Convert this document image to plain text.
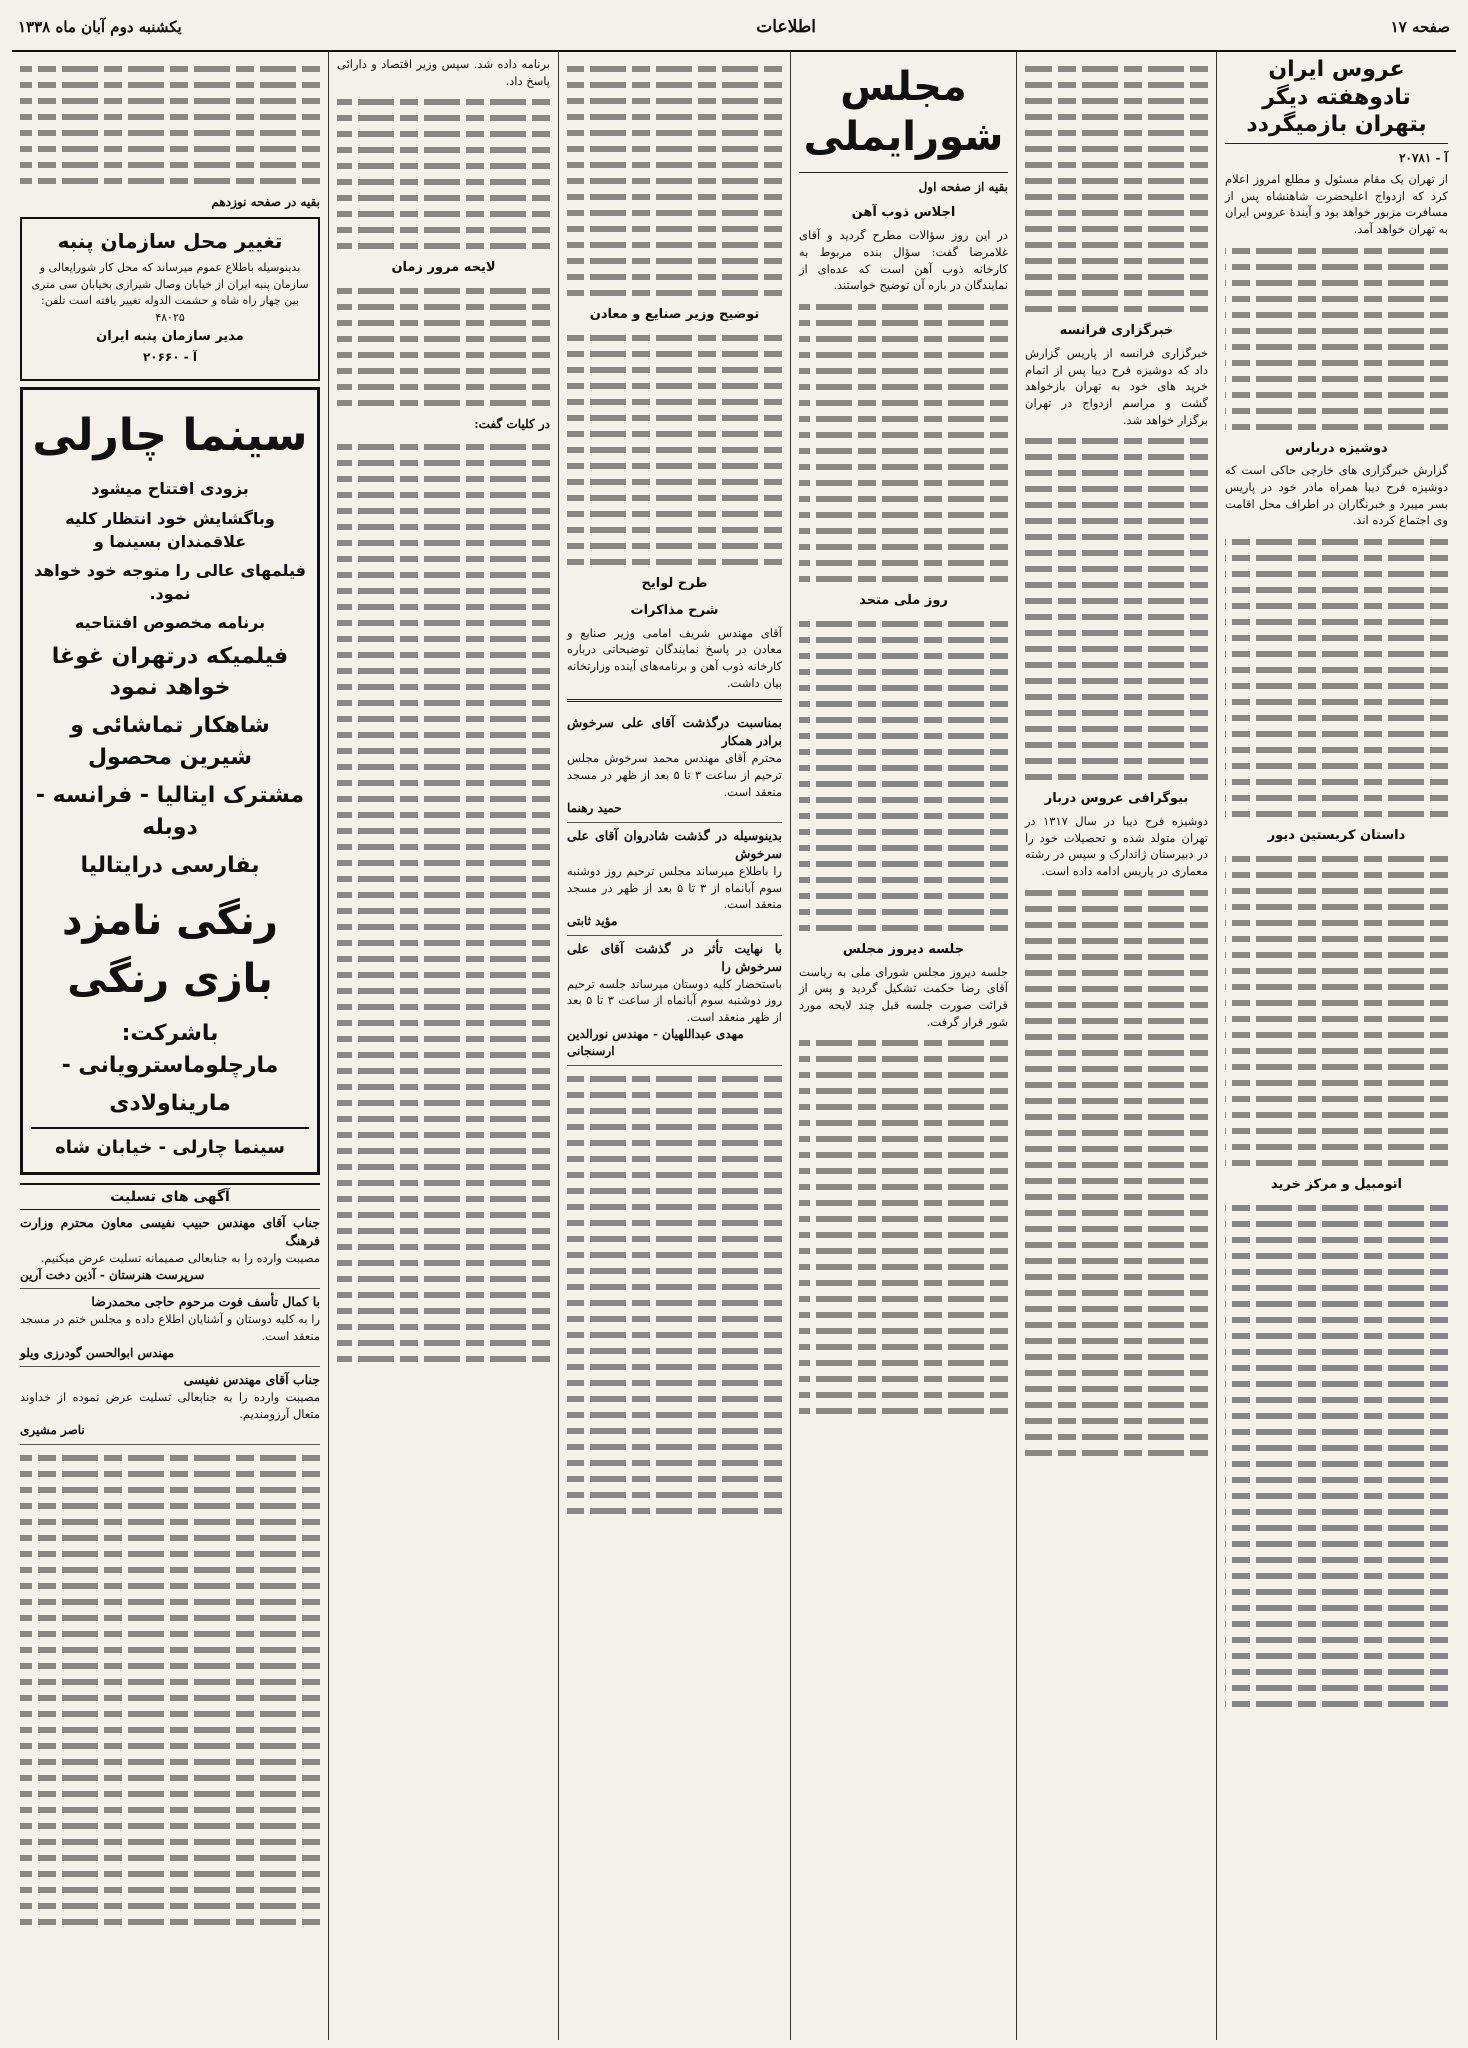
صفحه ۱۷
اطلاعات
یکشنبه دوم آبان ماه ۱۳۳۸
عروس ایران تادوهفته دیگر بتهران بازمیگردد
آ - ۲۰۷۸۱

از تهران یک مقام مسئول و مطلع امروز اعلام کرد که ازدواج اعلیحضرت شاهنشاه پس از مسافرت مزبور خواهد بود و آیندهٔ عروس ایران به تهران خواهد آمد.

دوشیزه دربارس

گزارش خبرگزاری های خارجی حاکی است که دوشیزه فرح دیبا همراه مادر خود در پاریس بسر میبرد و خبرنگاران در اطراف محل اقامت وی اجتماع کرده اند.

داستان کریستین دیور
اتومبیل و مرکز خرید
خبرگزاری فرانسه

خبرگزاری فرانسه از پاریس گزارش داد که دوشیزه فرح دیبا پس از اتمام خرید های خود به تهران بازخواهد گشت و مراسم ازدواج در تهران برگزار خواهد شد.

بیوگرافی عروس دربار

دوشیزه فرح دیبا در سال ۱۳۱۷ در تهران متولد شده و تحصیلات خود را در دبیرستان ژاندارک و سپس در رشته معماری در پاریس ادامه داده است.

مجلس شورایملی
بقیه از صفحه اول
اجلاس ذوب آهن

در این روز سؤالات مطرح گردید و آقای غلامرضا گفت: سؤال بنده مربوط به کارخانه ذوب آهن است که عده‌ای از نمایندگان در باره آن توضیح خواستند.

روز ملی متحد
جلسه دیروز مجلس

جلسه دیروز مجلس شورای ملی به ریاست آقای رضا حکمت تشکیل گردید و پس از قرائت صورت جلسه قبل چند لایحه مورد شور قرار گرفت.

توضیح وزیر صنایع و معادن
طرح لوایح
شرح مذاکرات

آقای مهندس شریف امامی وزیر صنایع و معادن در پاسخ نمایندگان توضیحاتی درباره کارخانه ذوب آهن و برنامه‌های آینده وزارتخانه بیان داشت.

بمناسبت درگذشت آقای علی سرخوش برادر همکار
محترم آقای مهندس محمد سرخوش مجلس ترحیم از ساعت ۳ تا ۵ بعد از ظهر در مسجد منعقد است.
حمید رهنما
بدینوسیله در گذشت شادروان آقای علی سرخوش
را باطلاع میرساند مجلس ترحیم روز دوشنبه سوم آبانماه از ۳ تا ۵ بعد از ظهر در مسجد منعقد است.
مؤید ثابتی
با نهایت تأثر در گذشت آقای علی سرخوش را
باستحضار کلیه دوستان میرساند جلسه ترحیم روز دوشنبه سوم آبانماه از ساعت ۳ تا ۵ بعد از ظهر منعقد است.
مهدی عبداللهیان - مهندس نورالدین ارسنجانی

برنامه داده شد. سپس وزیر اقتصاد و دارائی پاسخ داد.

لایحه مرور زمان
در کلیات گفت:
بقیه در صفحه نوزدهم
تغییر محل سازمان پنبه
بدینوسیله باطلاع عموم میرساند که محل کار شورایعالی و سازمان پنبه ایران از خیابان وصال شیرازی بخیابان سی متری بین چهار راه شاه و حشمت الدوله تغییر یافته است تلفن: ۴۸۰۲۵
مدیر سازمان پنبه ایران
آ - ۲۰۶۶۰
سینما چارلی
بزودی افتتاح میشود
وباگشایش خود انتظار کلیه علاقمندان بسینما و
فیلمهای عالی را متوجه خود خواهد نمود.
برنامه مخصوص افتتاحیه
فیلمیکه درتهران غوغا خواهد نمود
شاهکار تماشائی و شیرین محصول
مشترک ایتالیا - فرانسه - دوبله
بفارسی درایتالیا
رنگی نامزد بازی رنگی
باشرکت: مارچلوماسترویانی -
ماریناولادی
سینما چارلی - خیابان شاه
آگهی های تسلیت
جناب آقای مهندس حبیب نفیسی معاون محترم وزارت فرهنگ
مصیبت وارده را به جنابعالی صمیمانه تسلیت عرض میکنیم.
سرپرست هنرستان - آذین دخت آرین
با کمال تأسف فوت مرحوم حاجی محمدرضا
را به کلیه دوستان و آشنایان اطلاع داده و مجلس ختم در مسجد منعقد است.
مهندس ابوالحسن گودرزی ویلو
جناب آقای مهندس نفیسی
مصیبت وارده را به جنابعالی تسلیت عرض نموده از خداوند متعال آرزومندیم.
ناصر مشیری
